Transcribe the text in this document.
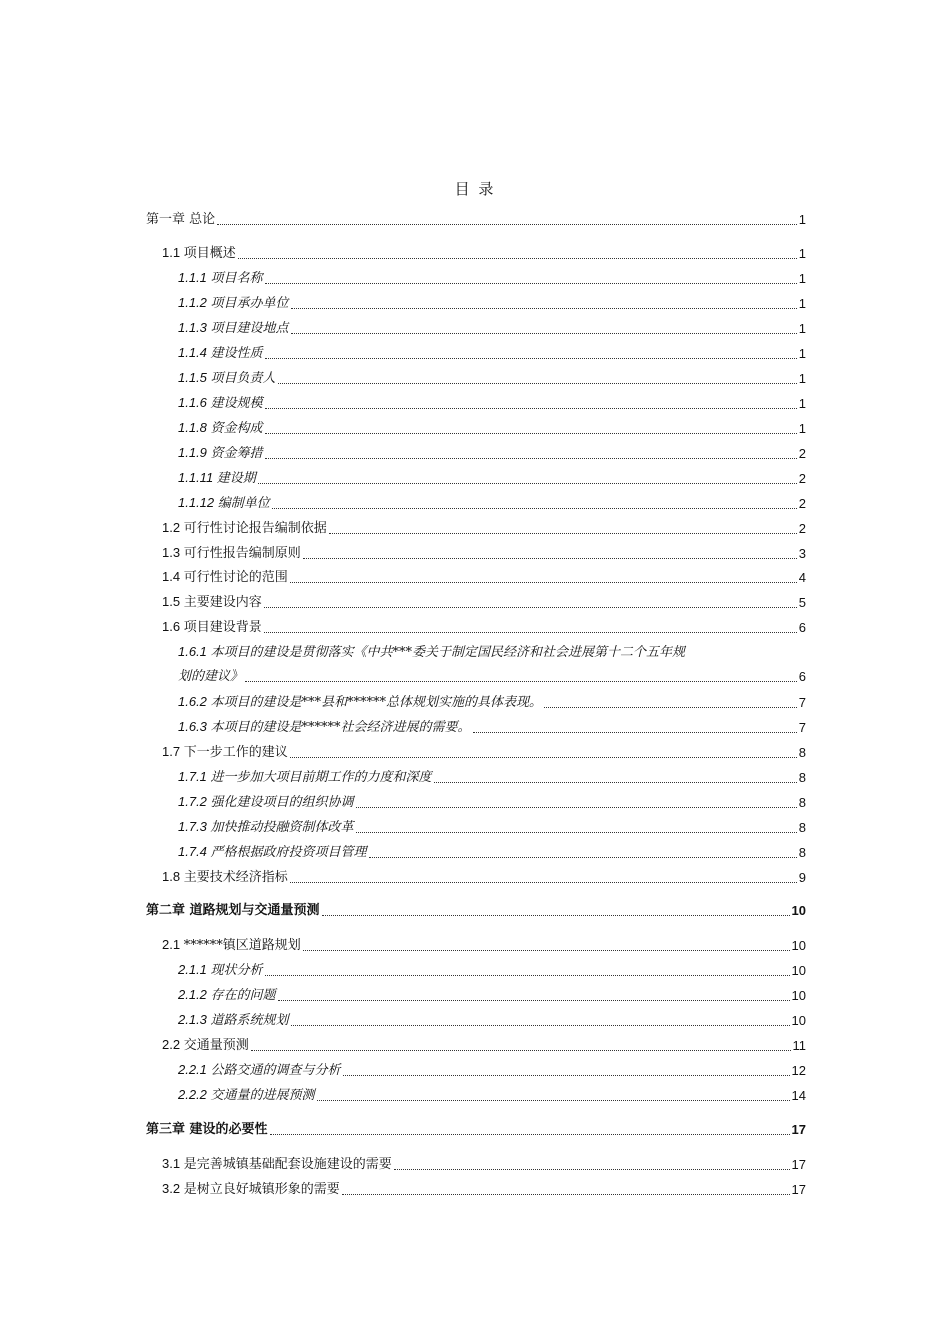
目 录
第一章 总论	1
1.1 项目概述	1
1.1.1 项目名称	1
1.1.2 项目承办单位	1
1.1.3 项目建设地点	1
1.1.4 建设性质	1
1.1.5 项目负责人	1
1.1.6 建设规模	1
1.1.8 资金构成	1
1.1.9 资金筹措	2
1.1.11 建设期	2
1.1.12 编制单位	2
1.2 可行性讨论报告编制依据	2
1.3 可行性报告编制原则	3
1.4 可行性讨论的范围	4
1.5 主要建设内容	5
1.6 项目建设背景	6
1.6.1 本项目的建设是贯彻落实《中共***委关于制定国民经济和社会进展第十二个五年规
划的建议》	6
1.6.2 本项目的建设是***县和******总体规划实施的具体表现。	7
1.6.3 本项目的建设是******社会经济进展的需要。	7
1.7 下一步工作的建议	8
1.7.1 进一步加大项目前期工作的力度和深度	8
1.7.2 强化建设项目的组织协调	8
1.7.3 加快推动投融资制体改革	8
1.7.4 严格根据政府投资项目管理	8
1.8 主要技术经济指标	9
第二章 道路规划与交通量预测	10
2.1 ******镇区道路规划	10
2.1.1 现状分析	10
2.1.2 存在的问题	10
2.1.3 道路系统规划	10
2.2 交通量预测	11
2.2.1 公路交通的调查与分析	12
2.2.2 交通量的进展预测	14
第三章 建设的必要性	17
3.1 是完善城镇基础配套设施建设的需要	17
3.2 是树立良好城镇形象的需要	17
